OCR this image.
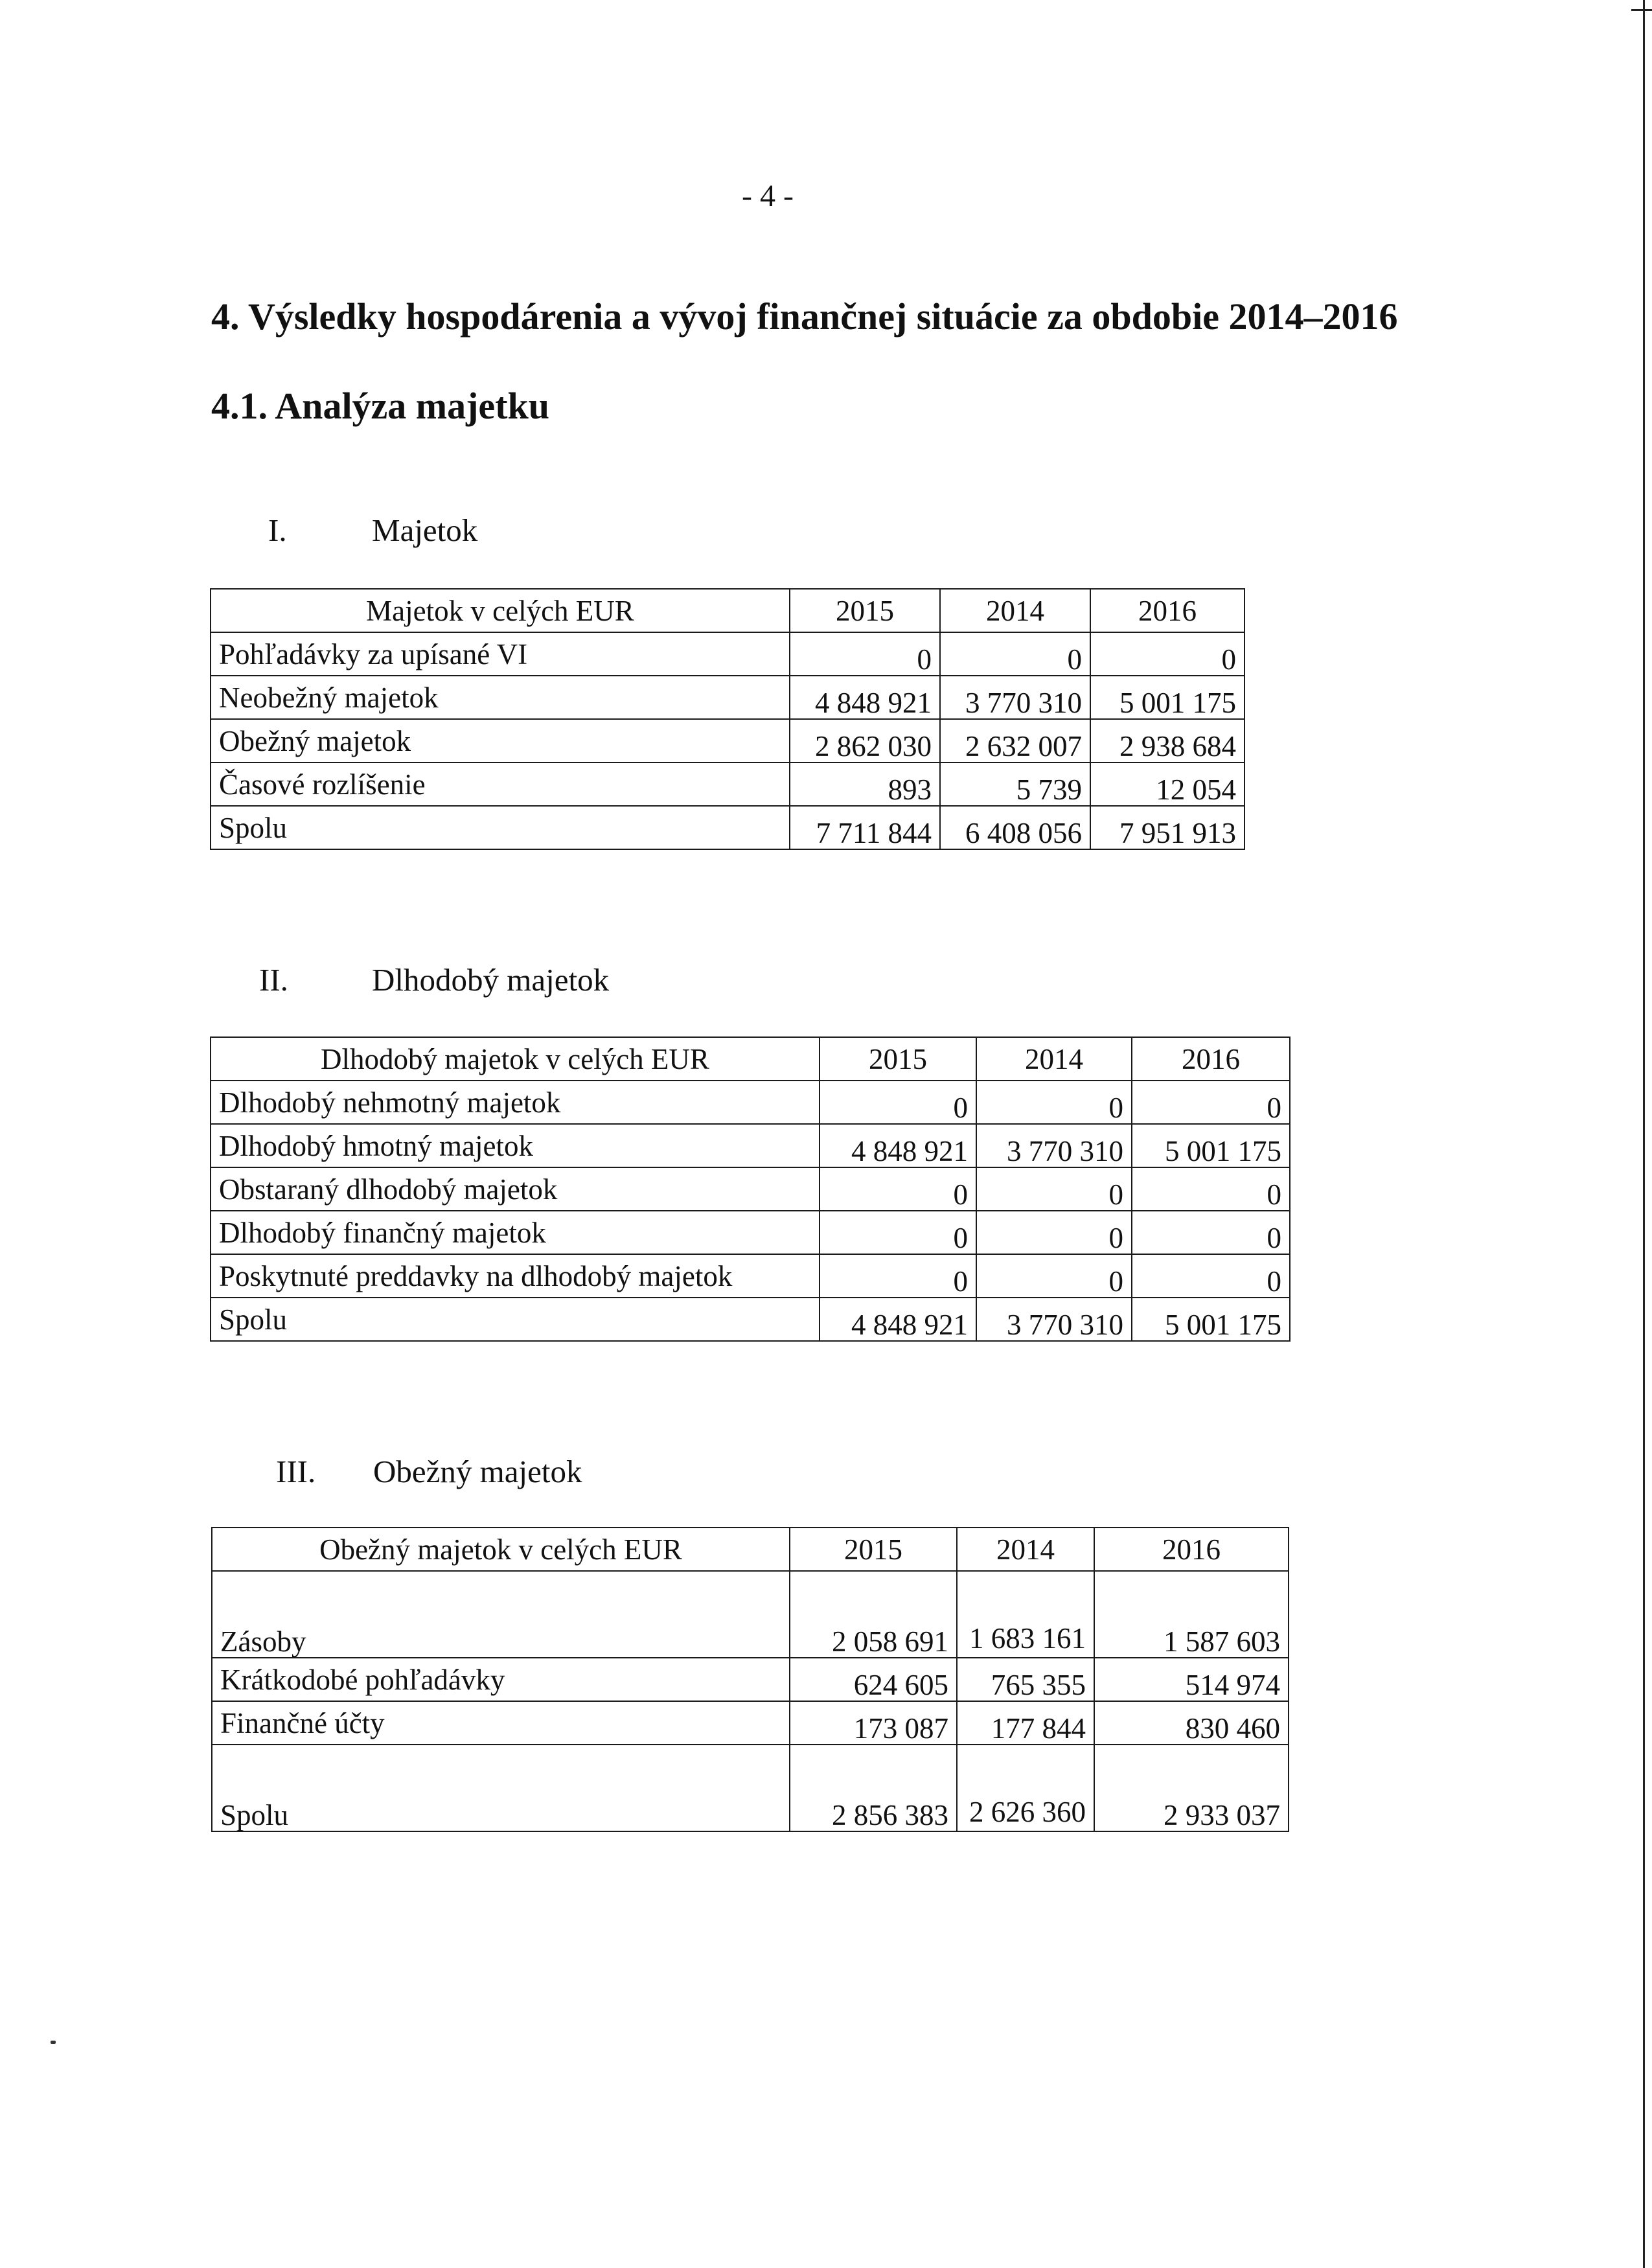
- 4 -
4. Výsledky hospodárenia a vývoj finančnej situácie za obdobie 2014–2016
4.1. Analýza majetku
I.	Majetok
Majetok v celých EUR	2015	2014	2016
Pohľadávky za upísané VI	0	0	0
Neobežný majetok	4 848 921	3 770 310	5 001 175
Obežný majetok	2 862 030	2 632 007	2 938 684
Časové rozlíšenie	893	5 739	12 054
Spolu	7 711 844	6 408 056	7 951 913
II.	Dlhodobý majetok
Dlhodobý majetok v celých EUR	2015	2014	2016
Dlhodobý nehmotný majetok	0	0	0
Dlhodobý hmotný majetok	4 848 921	3 770 310	5 001 175
Obstaraný dlhodobý majetok	0	0	0
Dlhodobý finančný majetok	0	0	0
Poskytnuté preddavky na dlhodobý majetok	0	0	0
Spolu	4 848 921	3 770 310	5 001 175
III. Obežný majetok
Obežný majetok v celých EUR	2015	2014	2016
Zásoby	2 058 691	1 683 161	1 587 603
Krátkodobé pohľadávky	624 605	765 355	514 974
Finančné účty	173 087	177 844	830 460
Spolu	2 856 383	2 626 360	2 933 037
